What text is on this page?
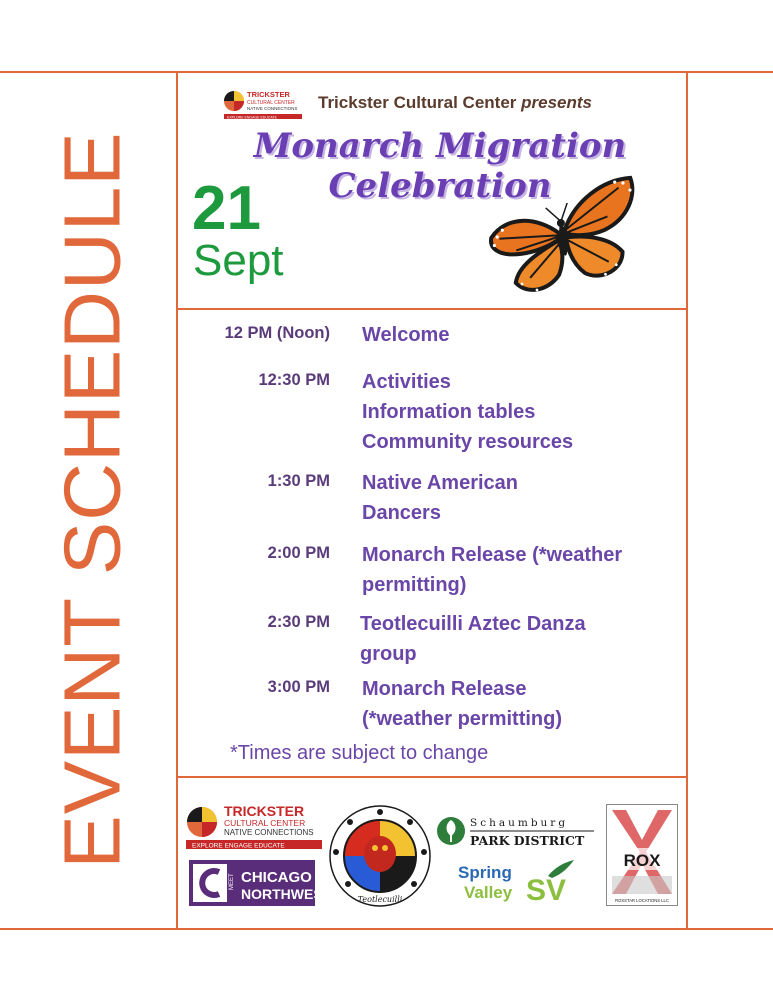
EVENT SCHEDULE
TRICKSTER
CULTURAL CENTER
NATIVE CONNECTIONS
EXPLORE ENGAGE EDUCATE
Trickster Cultural Center presents
Monarch Migration
Celebration
21
Sept
12 PM (Noon) Welcome
12:30 PM Activities
Information tables
Community resources
1:30 PM Native American
Dancers
2:00 PM Monarch Release (*weather
permitting)
2:30 PM Teotlecuilli Aztec Danza
group
3:00 PM Monarch Release
(*weather permitting)
*Times are subject to change
TRICKSTER
CULTURAL CENTER
NATIVE CONNECTIONS
EXPLORE ENGAGE EDUCATE
MEET CHICAGO
NORTHWEST	Teotlecuilli
Schaumburg
PARK DISTRICT
Spring
Valley SV
ROX
ROXSTAR LOCATIONS LLC
